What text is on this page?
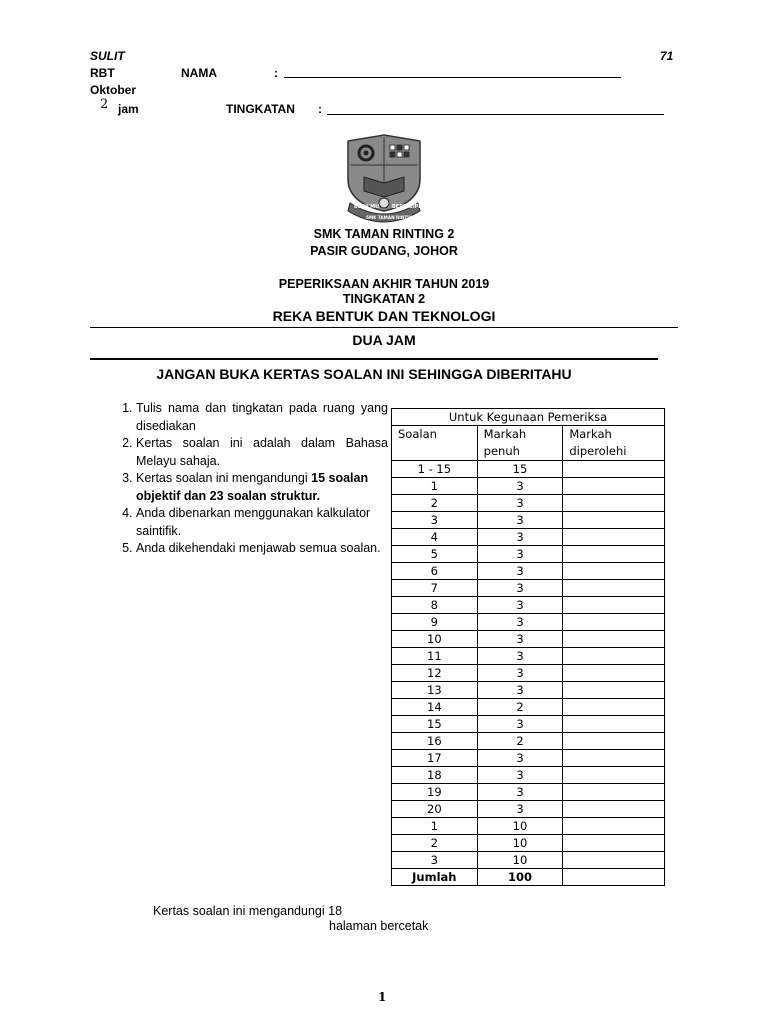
SULIT	71
RBT	NAMA	:
Oktober
2 jam	TINGKATAN :
BERILMU	BERDISIPLIN
SMK TAMAN RINTING 2
SMK TAMAN RINTING 2
PASIR GUDANG, JOHOR
PEPERIKSAAN AKHIR TAHUN 2019
TINGKATAN 2
REKA BENTUK DAN TEKNOLOGI
DUA JAM
JANGAN BUKA KERTAS SOALAN INI SEHINGGA DIBERITAHU
1. Tulis nama dan tingkatan pada ruang yang disediakan
2. Kertas soalan ini adalah dalam Bahasa Melayu sahaja.
3. Kertas soalan ini mengandungi 15 soalan objektif dan 23 soalan struktur.
4. Anda dibenarkan menggunakan kalkulator saintifik.
5. Anda dikehendaki menjawab semua soalan.
Untuk Kegunaan Pemeriksa		
Soalan	Markah penuh	Markah diperolehi
1 - 15	15	
1	3	
2	3	
3	3	
4	3	
5	3	
6	3	
7	3	
8	3	
9	3	
10	3	
11	3	
12	3	
13	3	
14	2	
15	3	
16	2	
17	3	
18	3	
19	3	
20	3	
1	10	
2	10	
3	10	
Jumlah	100	
Kertas soalan ini mengandungi 18
halaman bercetak
1
